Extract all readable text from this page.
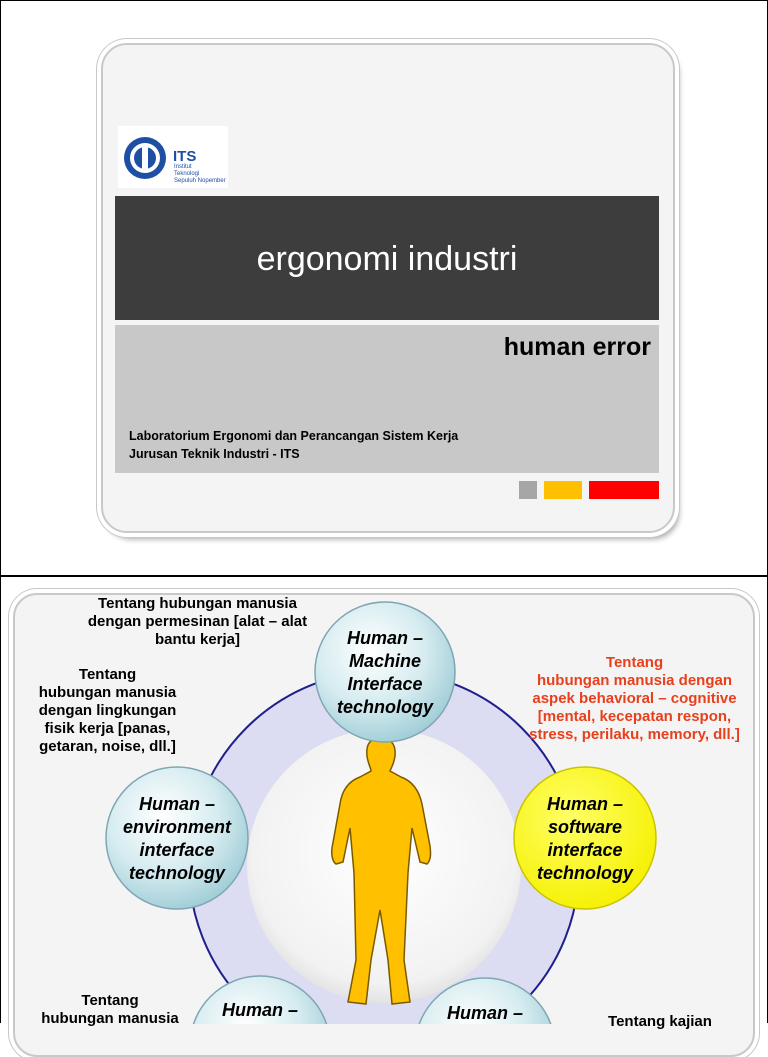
ITS
Institut
Teknologi
Sepuluh Nopember
ergonomi industri
human error
Laboratorium Ergonomi dan Perancangan Sistem Kerja
Jurusan Teknik Industri - ITS
Human –
Machine
Interface
technology
Human –
environment
interface
technology
Human –
software
interface
technology
Human –	Human –
Tentang hubungan manusia
dengan permesinan [alat – alat
bantu kerja]
Tentang
hubungan manusia
dengan lingkungan
fisik kerja [panas,
getaran, noise, dll.]
Tentang
hubungan manusia dengan
aspek behavioral – cognitive
[mental, kecepatan respon,
stress, perilaku, memory, dll.]
Tentang
hubungan manusia	Tentang kajian
